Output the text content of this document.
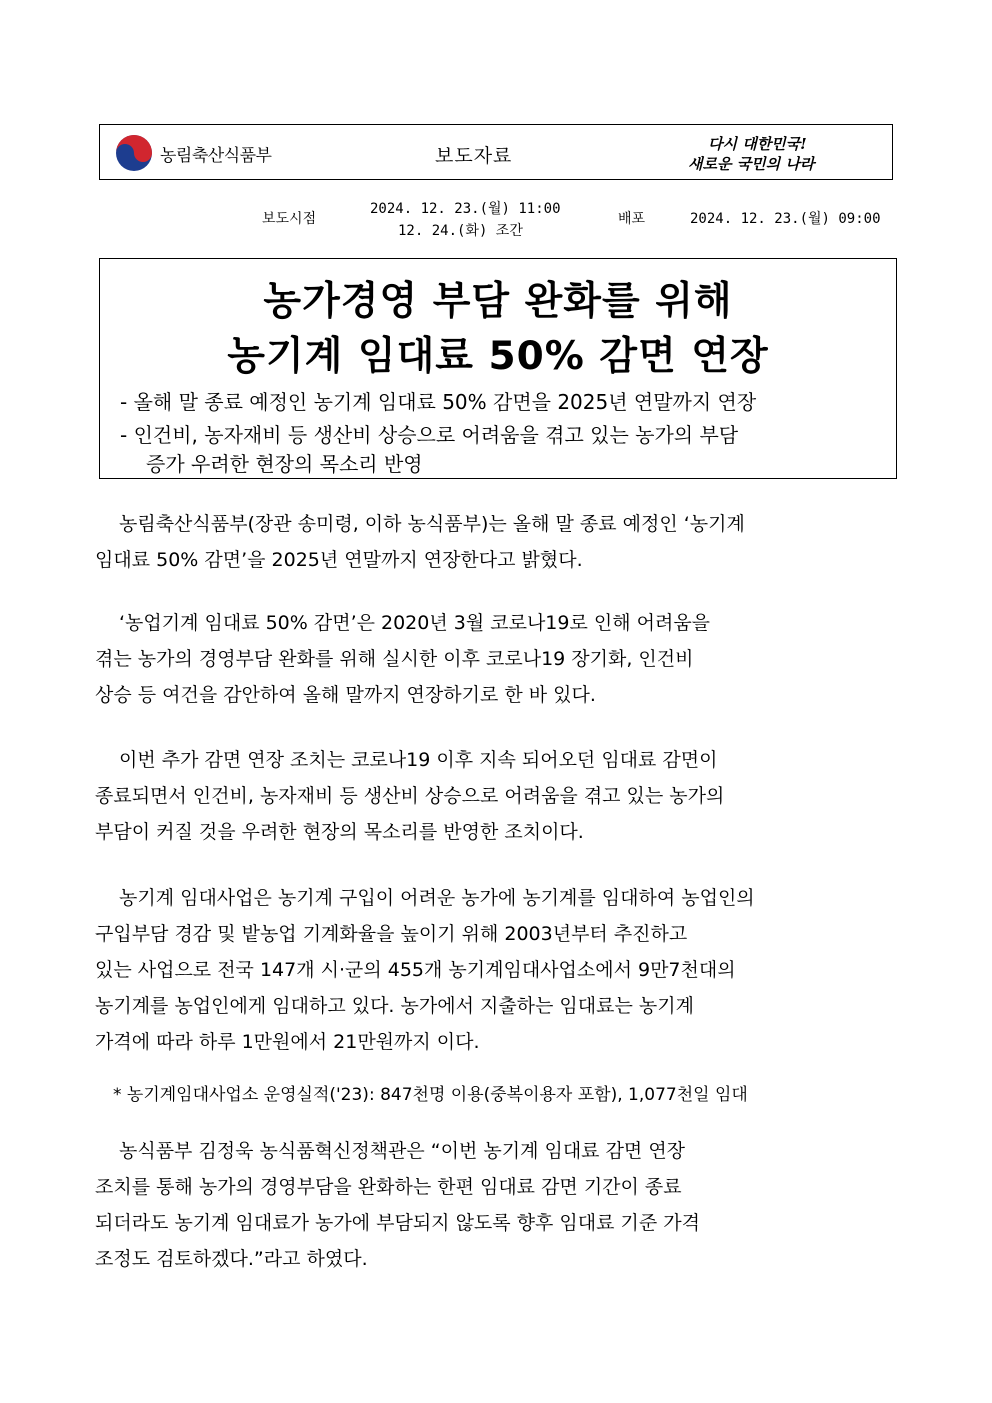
농림축산식품부	보도자료
다시 대한민국!
새로운 국민의 나라
보도시점
2024. 12. 23.(월) 11:00
12. 24.(화) 조간
배포	2024. 12. 23.(월) 09:00
농가경영 부담 완화를 위해
농기계 임대료 50% 감면 연장
- 올해 말 종료 예정인 농기계 임대료 50% 감면을 2025년 연말까지 연장
- 인건비, 농자재비 등 생산비 상승으로 어려움을 겪고 있는 농가의 부담
증가 우려한 현장의 목소리 반영
농림축산식품부(장관 송미령, 이하 농식품부)는 올해 말 종료 예정인 ‘농기계
임대료 50% 감면’을 2025년 연말까지 연장한다고 밝혔다.
‘농업기계 임대료 50% 감면’은 2020년 3월 코로나19로 인해 어려움을
겪는 농가의 경영부담 완화를 위해 실시한 이후 코로나19 장기화, 인건비
상승 등 여건을 감안하여 올해 말까지 연장하기로 한 바 있다.
이번 추가 감면 연장 조치는 코로나19 이후 지속 되어오던 임대료 감면이
종료되면서 인건비, 농자재비 등 생산비 상승으로 어려움을 겪고 있는 농가의
부담이 커질 것을 우려한 현장의 목소리를 반영한 조치이다.
농기계 임대사업은 농기계 구입이 어려운 농가에 농기계를 임대하여 농업인의
구입부담 경감 및 밭농업 기계화율을 높이기 위해 2003년부터 추진하고
있는 사업으로 전국 147개 시·군의 455개 농기계임대사업소에서 9만7천대의
농기계를 농업인에게 임대하고 있다. 농가에서 지출하는 임대료는 농기계
가격에 따라 하루 1만원에서 21만원까지 이다.
* 농기계임대사업소 운영실적('23): 847천명 이용(중복이용자 포함), 1,077천일 임대
농식품부 김정욱 농식품혁신정책관은 “이번 농기계 임대료 감면 연장
조치를 통해 농가의 경영부담을 완화하는 한편 임대료 감면 기간이 종료
되더라도 농기계 임대료가 농가에 부담되지 않도록 향후 임대료 기준 가격
조정도 검토하겠다.”라고 하였다.
